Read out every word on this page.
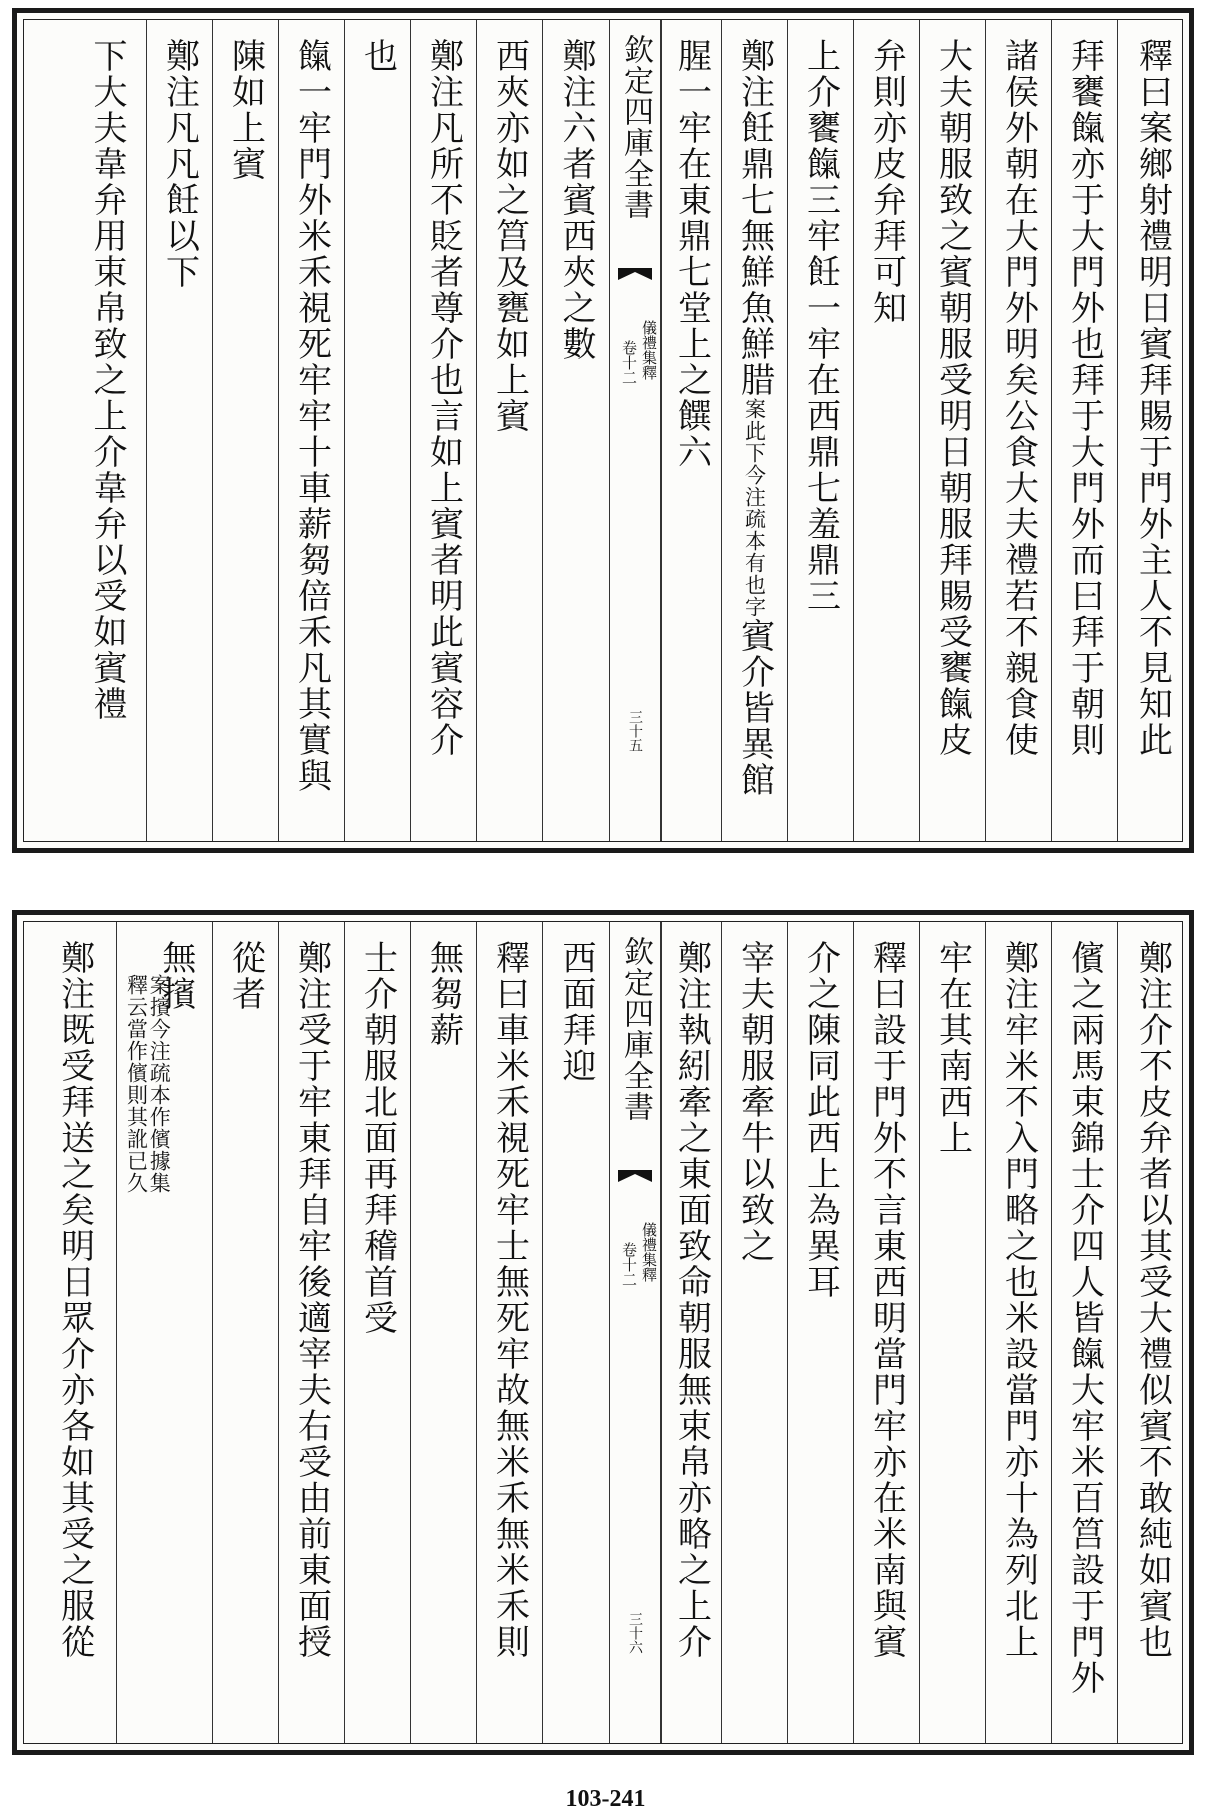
釋曰案鄉射禮明日賓拜賜于門外主人不見知此
拜饔餼亦于大門外也拜于大門外而曰拜于朝則
諸侯外朝在大門外明矣公食大夫禮若不親食使
大夫朝服致之賓朝服受明日朝服拜賜受饔餼皮
弁則亦皮弁拜可知
上介饔餼三牢飪一牢在西鼎七羞鼎三
鄭注飪鼎七無鮮魚鮮腊案此下今注疏本有也字賓介皆異館
腥一牢在東鼎七堂上之饌六
欽定四庫全書
儀禮集釋
卷十二
三十五
鄭注六者賓西夾之數
西夾亦如之筥及甕如上賓
鄭注凡所不貶者尊介也言如上賓者明此賓容介
也
餼一牢門外米禾視死牢牢十車薪芻倍禾凡其實與
陳如上賓
鄭注凡凡飪以下
下大夫韋弁用束帛致之上介韋弁以受如賓禮
鄭注介不皮弁者以其受大禮似賓不敢純如賓也
儐之兩馬束錦士介四人皆餼大牢米百筥設于門外
鄭注牢米不入門略之也米設當門亦十為列北上
牢在其南西上
釋曰設于門外不言東西明當門牢亦在米南與賓
介之陳同此西上為異耳
宰夫朝服牽牛以致之
鄭注執紖牽之東面致命朝服無束帛亦略之上介
欽定四庫全書
儀禮集釋
卷十二
三十六
西面拜迎
釋曰車米禾視死牢士無死牢故無米禾無米禾則
無芻薪
士介朝服北面再拜稽首受
鄭注受于牢東拜自牢後適宰夫右受由前東面授
從者
無擯
案擯今注疏本作儐據集
釋云當作儐則其訛已久
鄭注既受拜送之矣明日眾介亦各如其受之服從
103-241
